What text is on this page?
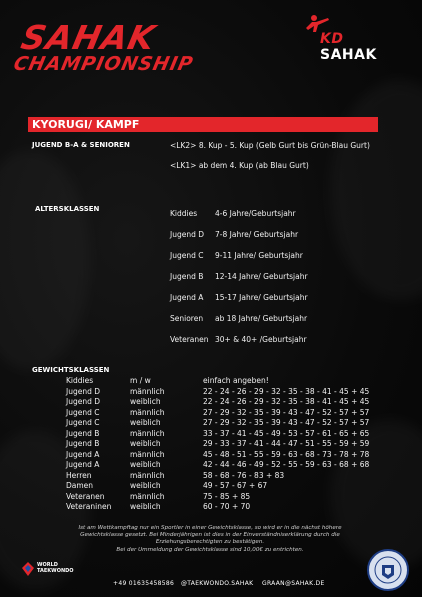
SAHAK
CHAMPIONSHIP
KD SAHAK
KYORUGI/ KAMPF
JUGEND B-A & SENIOREN	<LK2> 8. Kup - 5. Kup (Gelb Gurt bis Grün-Blau Gurt)
<LK1> ab dem 4. Kup (ab Blau Gurt)
ALTERSKLASSEN	Kiddies 4-6 Jahre/Geburtsjahr
Jugend D 7-8 Jahre/ Geburtsjahr
Jugend C 9-11 Jahre/ Geburtsjahr
Jugend B 12-14 Jahre/ Geburtsjahr
Jugend A 15-17 Jahre/ Geburtsjahr
Senioren ab 18 Jahre/ Geburtsjahr
Veteranen 30+ & 40+ /Geburtsjahr
GEWICHTSKLASSEN
Kiddies	m / w	einfach angeben!
Jugend D	männlich	22 - 24 - 26 - 29 - 32 - 35 - 38 - 41 - 45 + 45
Jugend D	weiblich	22 - 24 - 26 - 29 - 32 - 35 - 38 - 41 - 45 + 45
Jugend C	männlich	27 - 29 - 32 - 35 - 39 - 43 - 47 - 52 - 57 + 57
Jugend C	weiblich	27 - 29 - 32 - 35 - 39 - 43 - 47 - 52 - 57 + 57
Jugend B	männlich	33 - 37 - 41 - 45 - 49 - 53 - 57 - 61 - 65 + 65
Jugend B	weiblich	29 - 33 - 37 - 41 - 44 - 47 - 51 - 55 - 59 + 59
Jugend A	männlich	45 - 48 - 51 - 55 - 59 - 63 - 68 - 73 - 78 + 78
Jugend A	weiblich	42 - 44 - 46 - 49 - 52 - 55 - 59 - 63 - 68 + 68
Herren	männlich	58 - 68 - 76 - 83 + 83
Damen	weiblich	49 - 57 - 67 + 67
Veteranen	männlich	75 - 85 + 85
Veteraninen weiblich	60 - 70 + 70
Ist am Wettkampftag nur ein Sportler in einer Gewichtsklasse, so wird er in die nächst höhere
Gewichtsklasse gesetzt. Bei Minderjährigen ist dies in der Einverständniserklärung durch die
Erziehungsberechtigten zu bestätigen.
Bei der Ummeldung der Gewichtsklasse sind 10,00€ zu entrichten.
WORLD
TAEKWONDO
+49 01635458586 @TAEKWONDO.SAHAK GRAAN@SAHAK.DE
